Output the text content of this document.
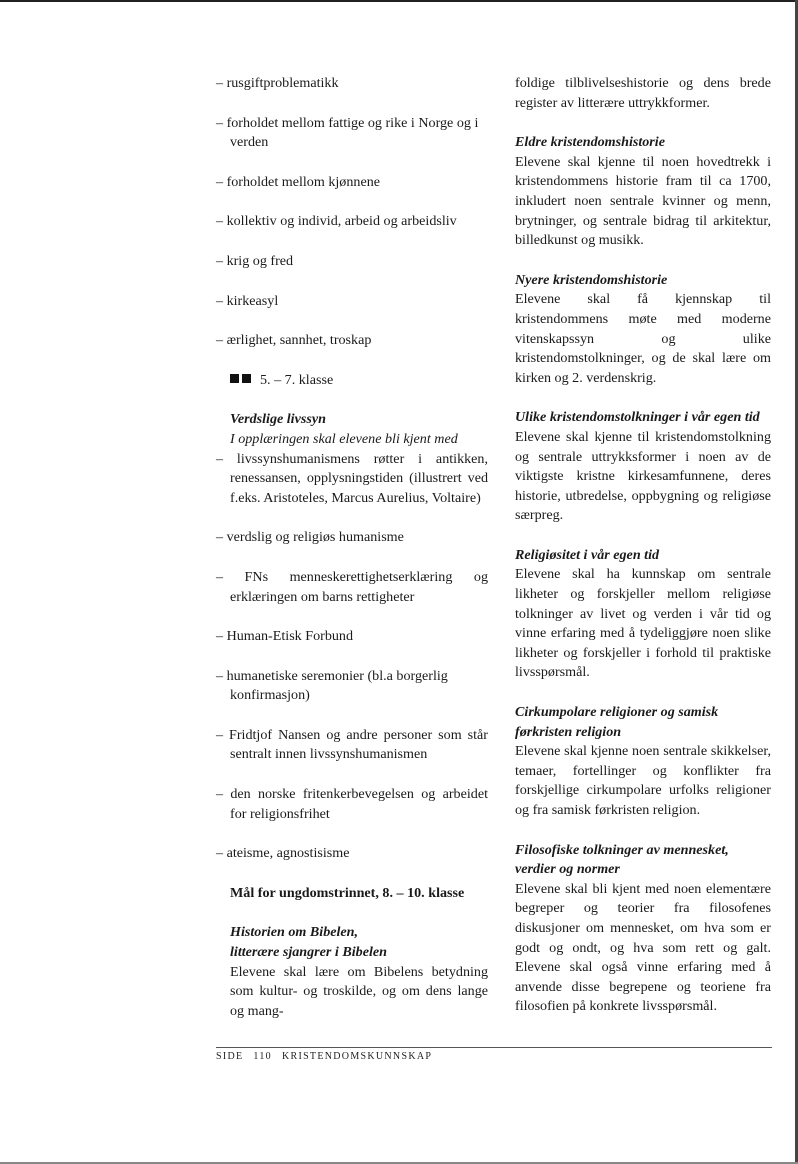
– rusgiftproblematikk
– forholdet mellom fattige og rike i Norge og i verden
– forholdet mellom kjønnene
– kollektiv og individ, arbeid og arbeidsliv
– krig og fred
– kirkeasyl
– ærlighet, sannhet, troskap
5. – 7. klasse
Verdslige livssyn
I opplæringen skal elevene bli kjent med
– livssynshumanismens røtter i antikken, renessansen, opplysningstiden (illustrert ved f.eks. Aristoteles, Marcus Aurelius, Voltaire)
– verdslig og religiøs humanisme
– FNs menneskerettighetserklæring og erklæringen om barns rettigheter
– Human-Etisk Forbund
– humanetiske seremonier (bl.a borgerlig konfirmasjon)
– Fridtjof Nansen og andre personer som står sentralt innen livssynshumanismen
– den norske fritenkerbevegelsen og arbeidet for religionsfrihet
– ateisme, agnostisisme
Mål for ungdomstrinnet, 8. – 10. klasse
Historien om Bibelen,
litterære sjangrer i Bibelen
Elevene skal lære om Bibelens betydning som kultur- og troskilde, og om dens lange og mang-
foldige tilblivelseshistorie og dens brede register av litterære uttrykkformer.
Eldre kristendomshistorie
Elevene skal kjenne til noen hovedtrekk i kristendommens historie fram til ca 1700, inkludert noen sentrale kvinner og menn, brytninger, og sentrale bidrag til arkitektur, billedkunst og musikk.
Nyere kristendomshistorie
Elevene skal få kjennskap til kristendommens møte med moderne vitenskapssyn og ulike kristendomstolkninger, og de skal lære om kirken og 2. verdenskrig.
Ulike kristendomstolkninger i vår egen tid
Elevene skal kjenne til kristendomstolkning og sentrale uttrykksformer i noen av de viktigste kristne kirkesamfunnene, deres historie, utbredelse, oppbygning og religiøse særpreg.
Religiøsitet i vår egen tid
Elevene skal ha kunnskap om sentrale likheter og forskjeller mellom religiøse tolkninger av livet og verden i vår tid og vinne erfaring med å tydeliggjøre noen slike likheter og forskjeller i forhold til praktiske livsspørsmål.
Cirkumpolare religioner og samisk førkristen religion
Elevene skal kjenne noen sentrale skikkelser, temaer, fortellinger og konflikter fra forskjellige cirkumpolare urfolks religioner og fra samisk førkristen religion.
Filosofiske tolkninger av mennesket, verdier og normer
Elevene skal bli kjent med noen elementære begreper og teorier fra filosofenes diskusjoner om mennesket, om hva som er godt og ondt, og hva som rett og galt. Elevene skal også vinne erfaring med å anvende disse begrepene og teoriene fra filosofien på konkrete livsspørsmål.
SIDE 110 KRISTENDOMSKUNNSKAP
